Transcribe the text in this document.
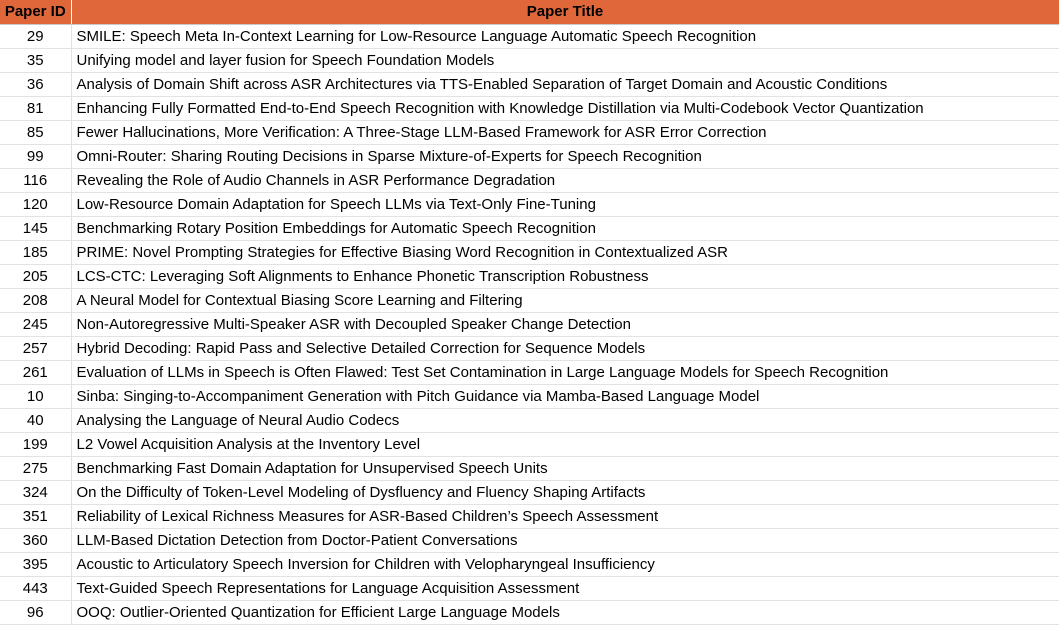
Paper ID	Paper Title
29	SMILE: Speech Meta In-Context Learning for Low-Resource Language Automatic Speech Recognition
35	Unifying model and layer fusion for Speech Foundation Models
36	Analysis of Domain Shift across ASR Architectures via TTS-Enabled Separation of Target Domain and Acoustic Conditions
81	Enhancing Fully Formatted End-to-End Speech Recognition with Knowledge Distillation via Multi-Codebook Vector Quantization
85	Fewer Hallucinations, More Verification: A Three-Stage LLM-Based Framework for ASR Error Correction
99	Omni-Router: Sharing Routing Decisions in Sparse Mixture-of-Experts for Speech Recognition
116	Revealing the Role of Audio Channels in ASR Performance Degradation
120	Low-Resource Domain Adaptation for Speech LLMs via Text-Only Fine-Tuning
145	Benchmarking Rotary Position Embeddings for Automatic Speech Recognition
185	PRIME: Novel Prompting Strategies for Effective Biasing Word Recognition in Contextualized ASR
205	LCS-CTC: Leveraging Soft Alignments to Enhance Phonetic Transcription Robustness
208	A Neural Model for Contextual Biasing Score Learning and Filtering
245	Non-Autoregressive Multi-Speaker ASR with Decoupled Speaker Change Detection
257	Hybrid Decoding: Rapid Pass and Selective Detailed Correction for Sequence Models
261	Evaluation of LLMs in Speech is Often Flawed: Test Set Contamination in Large Language Models for Speech Recognition
10	Sinba: Singing-to-Accompaniment Generation with Pitch Guidance via Mamba-Based Language Model
40	Analysing the Language of Neural Audio Codecs
199	L2 Vowel Acquisition Analysis at the Inventory Level
275	Benchmarking Fast Domain Adaptation for Unsupervised Speech Units
324	On the Difficulty of Token-Level Modeling of Dysfluency and Fluency Shaping Artifacts
351	Reliability of Lexical Richness Measures for ASR-Based Children’s Speech Assessment
360	LLM-Based Dictation Detection from Doctor-Patient Conversations
395	Acoustic to Articulatory Speech Inversion for Children with Velopharyngeal Insufficiency
443	Text-Guided Speech Representations for Language Acquisition Assessment
96	OOQ: Outlier-Oriented Quantization for Efficient Large Language Models
